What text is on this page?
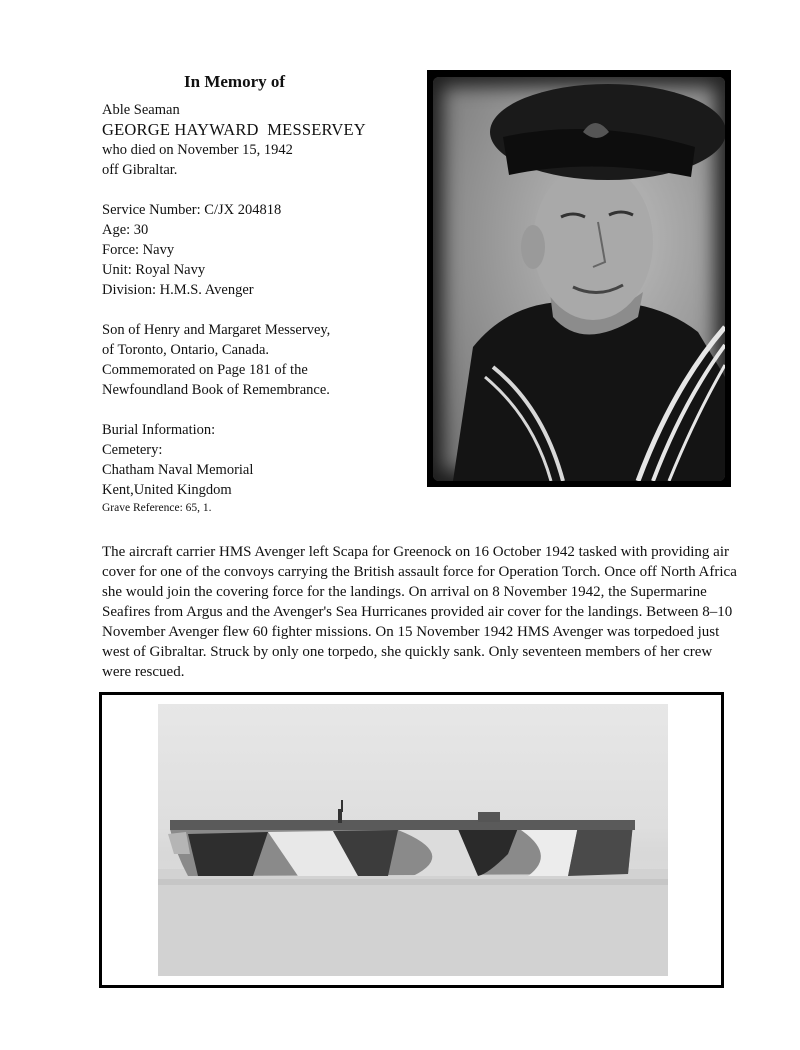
In Memory of
Able Seaman
GEORGE HAYWARD  MESSERVEY
who died on November 15, 1942
off Gibraltar.
Service Number: C/JX 204818
Age: 30
Force: Navy
Unit: Royal Navy
Division: H.M.S. Avenger
Son of Henry and Margaret Messervey,
of Toronto, Ontario, Canada.
Commemorated on Page 181 of the
Newfoundland Book of Remembrance.
Burial Information:
Cemetery:
Chatham Naval Memorial
Kent,United Kingdom
Grave Reference: 65, 1.

The aircraft carrier HMS Avenger left Scapa for Greenock on 16 October 1942 tasked with providing air cover for one of the convoys carrying the British assault force for Operation Torch. Once off North Africa she would join the covering force for the landings. On arrival on 8 November 1942, the Supermarine Seafires from Argus and the Avenger's Sea Hurricanes provided air cover for the landings. Between 8–10 November Avenger flew 60 fighter missions. On 15 November 1942 HMS Avenger was torpedoed just west of Gibraltar. Struck by only one torpedo, she quickly sank. Only seventeen members of her crew were rescued.
